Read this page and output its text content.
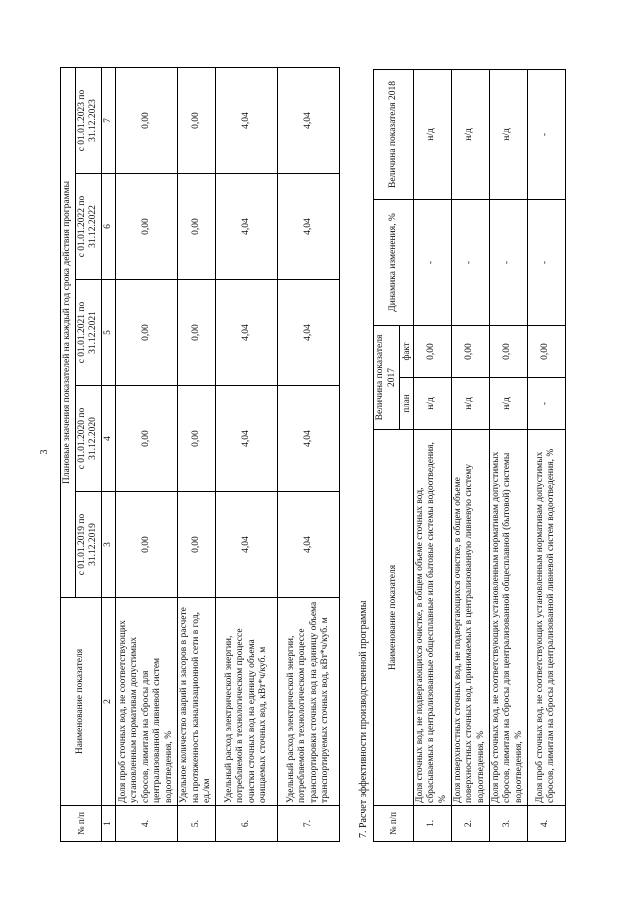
3
№ п/п	Наименование показателя	Плановые значения показателей на каждый год срока действия программы				
		с 01.01.2019 по 31.12.2019	с 01.01.2020 по 31.12.2020	с 01.01.2021 по 31.12.2021	с 01.01.2022 по 31.12.2022	с 01.01.2023 по 31.12.2023
1	2	3	4	5	6	7
4.	Доля проб сточных вод, не соответствующих установленным нормативам допустимых сбросов, лимитам на сбросы для централизованной ливневой систем водоотведения, %	0,00	0,00	0,00	0,00	0,00
5.	Удельное количество аварий и засоров в расчете на протяженность канализационной сети в год, ед./км	0,00	0,00	0,00	0,00	0,00
6.	Удельный расход электрической энергии, потребляемой в технологическом процессе очистки сточных вод на единицу объема очищаемых сточных вод, кВт*ч/куб. м	4,04	4,04	4,04	4,04	4,04
7.	Удельный расход электрической энергии, потребляемой в технологическом процессе транспортировки сточных вод на единицу объема транспортируемых сточных вод, кВт*ч/куб. м	4,04	4,04	4,04	4,04	4,04
7. Расчет эффективности производственной программы	№ п/п	Наименование показателя	Величина показателя 2017		Динамика изменения, %	Величина показателя 2018
		план	факт		
1.	Доля сточных вод, не подвергающихся очистке, в общем объеме сточных вод, сбрасываемых в централизованные общесплавные или бытовые системы водоотведения, %	н/д	0,00	-	н/д
2.	Доля поверхностных сточных вод, не подвергающихся очистке, в общем объеме поверхностных сточных вод, принимаемых в централизованную ливневую систему водоотведения, %	н/д	0,00	-	н/д
3.	Доля проб сточных вод, не соответствующих установленным нормативам допустимых сбросов, лимитам на сбросы для централизованной общесплавной (бытовой) системы водоотведения, %	н/д	0,00	-	н/д
4.	Доля проб сточных вод, не соответствующих установленным нормативам допустимых сбросов, лимитам на сбросы для централизованной ливневой систем водоотведения, %	-	0,00	-	-
